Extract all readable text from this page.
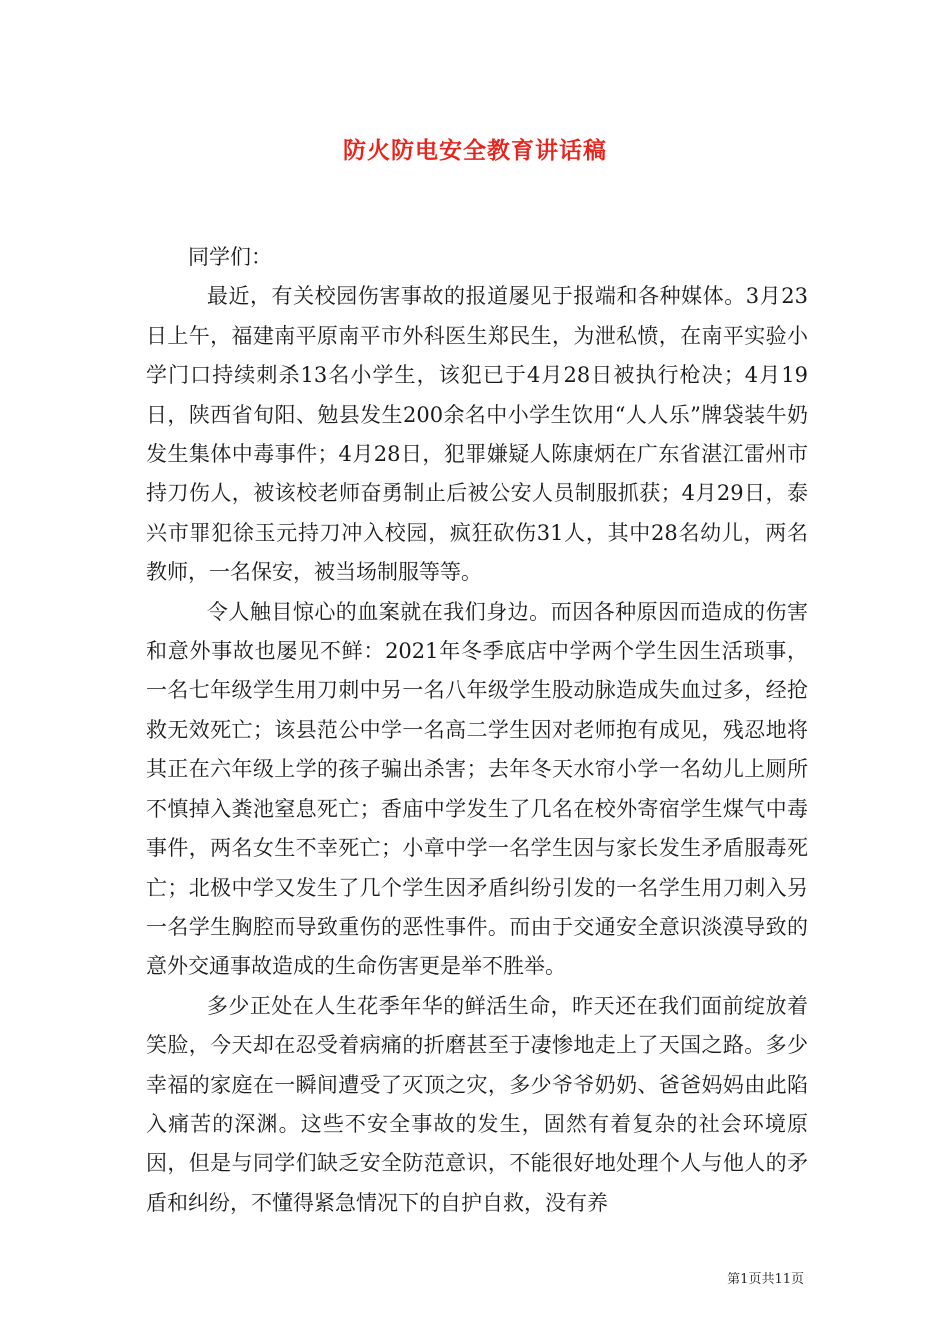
防火防电安全教育讲话稿

同学们：

最近，有关校园伤害事故的报道屡见于报端和各种媒体。3月23日上午，福建南平原南平市外科医生郑民生，为泄私愤，在南平实验小学门口持续刺杀13名小学生，该犯已于4月28日被执行枪决；4月19日，陕西省旬阳、勉县发生200余名中小学生饮用“人人乐”牌袋装牛奶发生集体中毒事件；4月28日，犯罪嫌疑人陈康炳在广东省湛江雷州市持刀伤人，被该校老师奋勇制止后被公安人员制服抓获；4月29日，泰兴市罪犯徐玉元持刀冲入校园，疯狂砍伤31人，其中28名幼儿，两名教师，一名保安，被当场制服等等。

令人触目惊心的血案就在我们身边。而因各种原因而造成的伤害和意外事故也屡见不鲜：2021年冬季底店中学两个学生因生活琐事，一名七年级学生用刀刺中另一名八年级学生股动脉造成失血过多，经抢救无效死亡；该县范公中学一名高二学生因对老师抱有成见，残忍地将其正在六年级上学的孩子骗出杀害；去年冬天水帘小学一名幼儿上厕所不慎掉入粪池窒息死亡；香庙中学发生了几名在校外寄宿学生煤气中毒事件，两名女生不幸死亡；小章中学一名学生因与家长发生矛盾服毒死亡；北极中学又发生了几个学生因矛盾纠纷引发的一名学生用刀刺入另一名学生胸腔而导致重伤的恶性事件。而由于交通安全意识淡漠导致的意外交通事故造成的生命伤害更是举不胜举。

多少正处在人生花季年华的鲜活生命，昨天还在我们面前绽放着笑脸，今天却在忍受着病痛的折磨甚至于凄惨地走上了天国之路。多少幸福的家庭在一瞬间遭受了灭顶之灾，多少爷爷奶奶、爸爸妈妈由此陷入痛苦的深渊。这些不安全事故的发生，固然有着复杂的社会环境原因，但是与同学们缺乏安全防范意识，不能很好地处理个人与他人的矛盾和纠纷，不懂得紧急情况下的自护自救，没有养

第1页共11页
